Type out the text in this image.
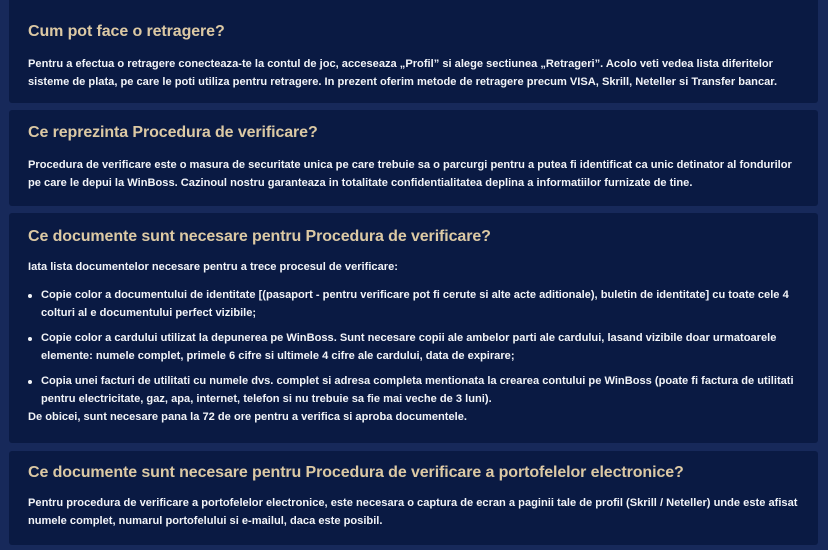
Cum pot face o retragere?

Pentru a efectua o retragere conecteaza-te la contul de joc, acceseaza „Profil” si alege sectiunea „Retrageri”. Acolo veti vedea lista diferitelor sisteme de plata, pe care le poti utiliza pentru retragere. In prezent oferim metode de retragere precum VISA, Skrill, Neteller si Transfer bancar.

Ce reprezinta Procedura de verificare?

Procedura de verificare este o masura de securitate unica pe care trebuie sa o parcurgi pentru a putea fi identificat ca unic detinator al fondurilor pe care le depui la WinBoss. Cazinoul nostru garanteaza in totalitate confidentialitatea deplina a informatiilor furnizate de tine.

Ce documente sunt necesare pentru Procedura de verificare?

Iata lista documentelor necesare pentru a trece procesul de verificare:

Copie color a documentului de identitate [(pasaport - pentru verificare pot fi cerute si alte acte aditionale), buletin de identitate] cu toate cele 4 colturi al e documentului perfect vizibile;
Copie color a cardului utilizat la depunerea pe WinBoss. Sunt necesare copii ale ambelor parti ale cardului, lasand vizibile doar urmatoarele elemente: numele complet, primele 6 cifre si ultimele 4 cifre ale cardului, data de expirare;
Copia unei facturi de utilitati cu numele dvs. complet si adresa completa mentionata la crearea contului pe WinBoss (poate fi factura de utilitati pentru electricitate, gaz, apa, internet, telefon si nu trebuie sa fie mai veche de 3 luni).

De obicei, sunt necesare pana la 72 de ore pentru a verifica si aproba documentele.

Ce documente sunt necesare pentru Procedura de verificare a portofelelor electronice?

Pentru procedura de verificare a portofelelor electronice, este necesara o captura de ecran a paginii tale de profil (Skrill / Neteller) unde este afisat numele complet, numarul portofelului si e-mailul, daca este posibil.
